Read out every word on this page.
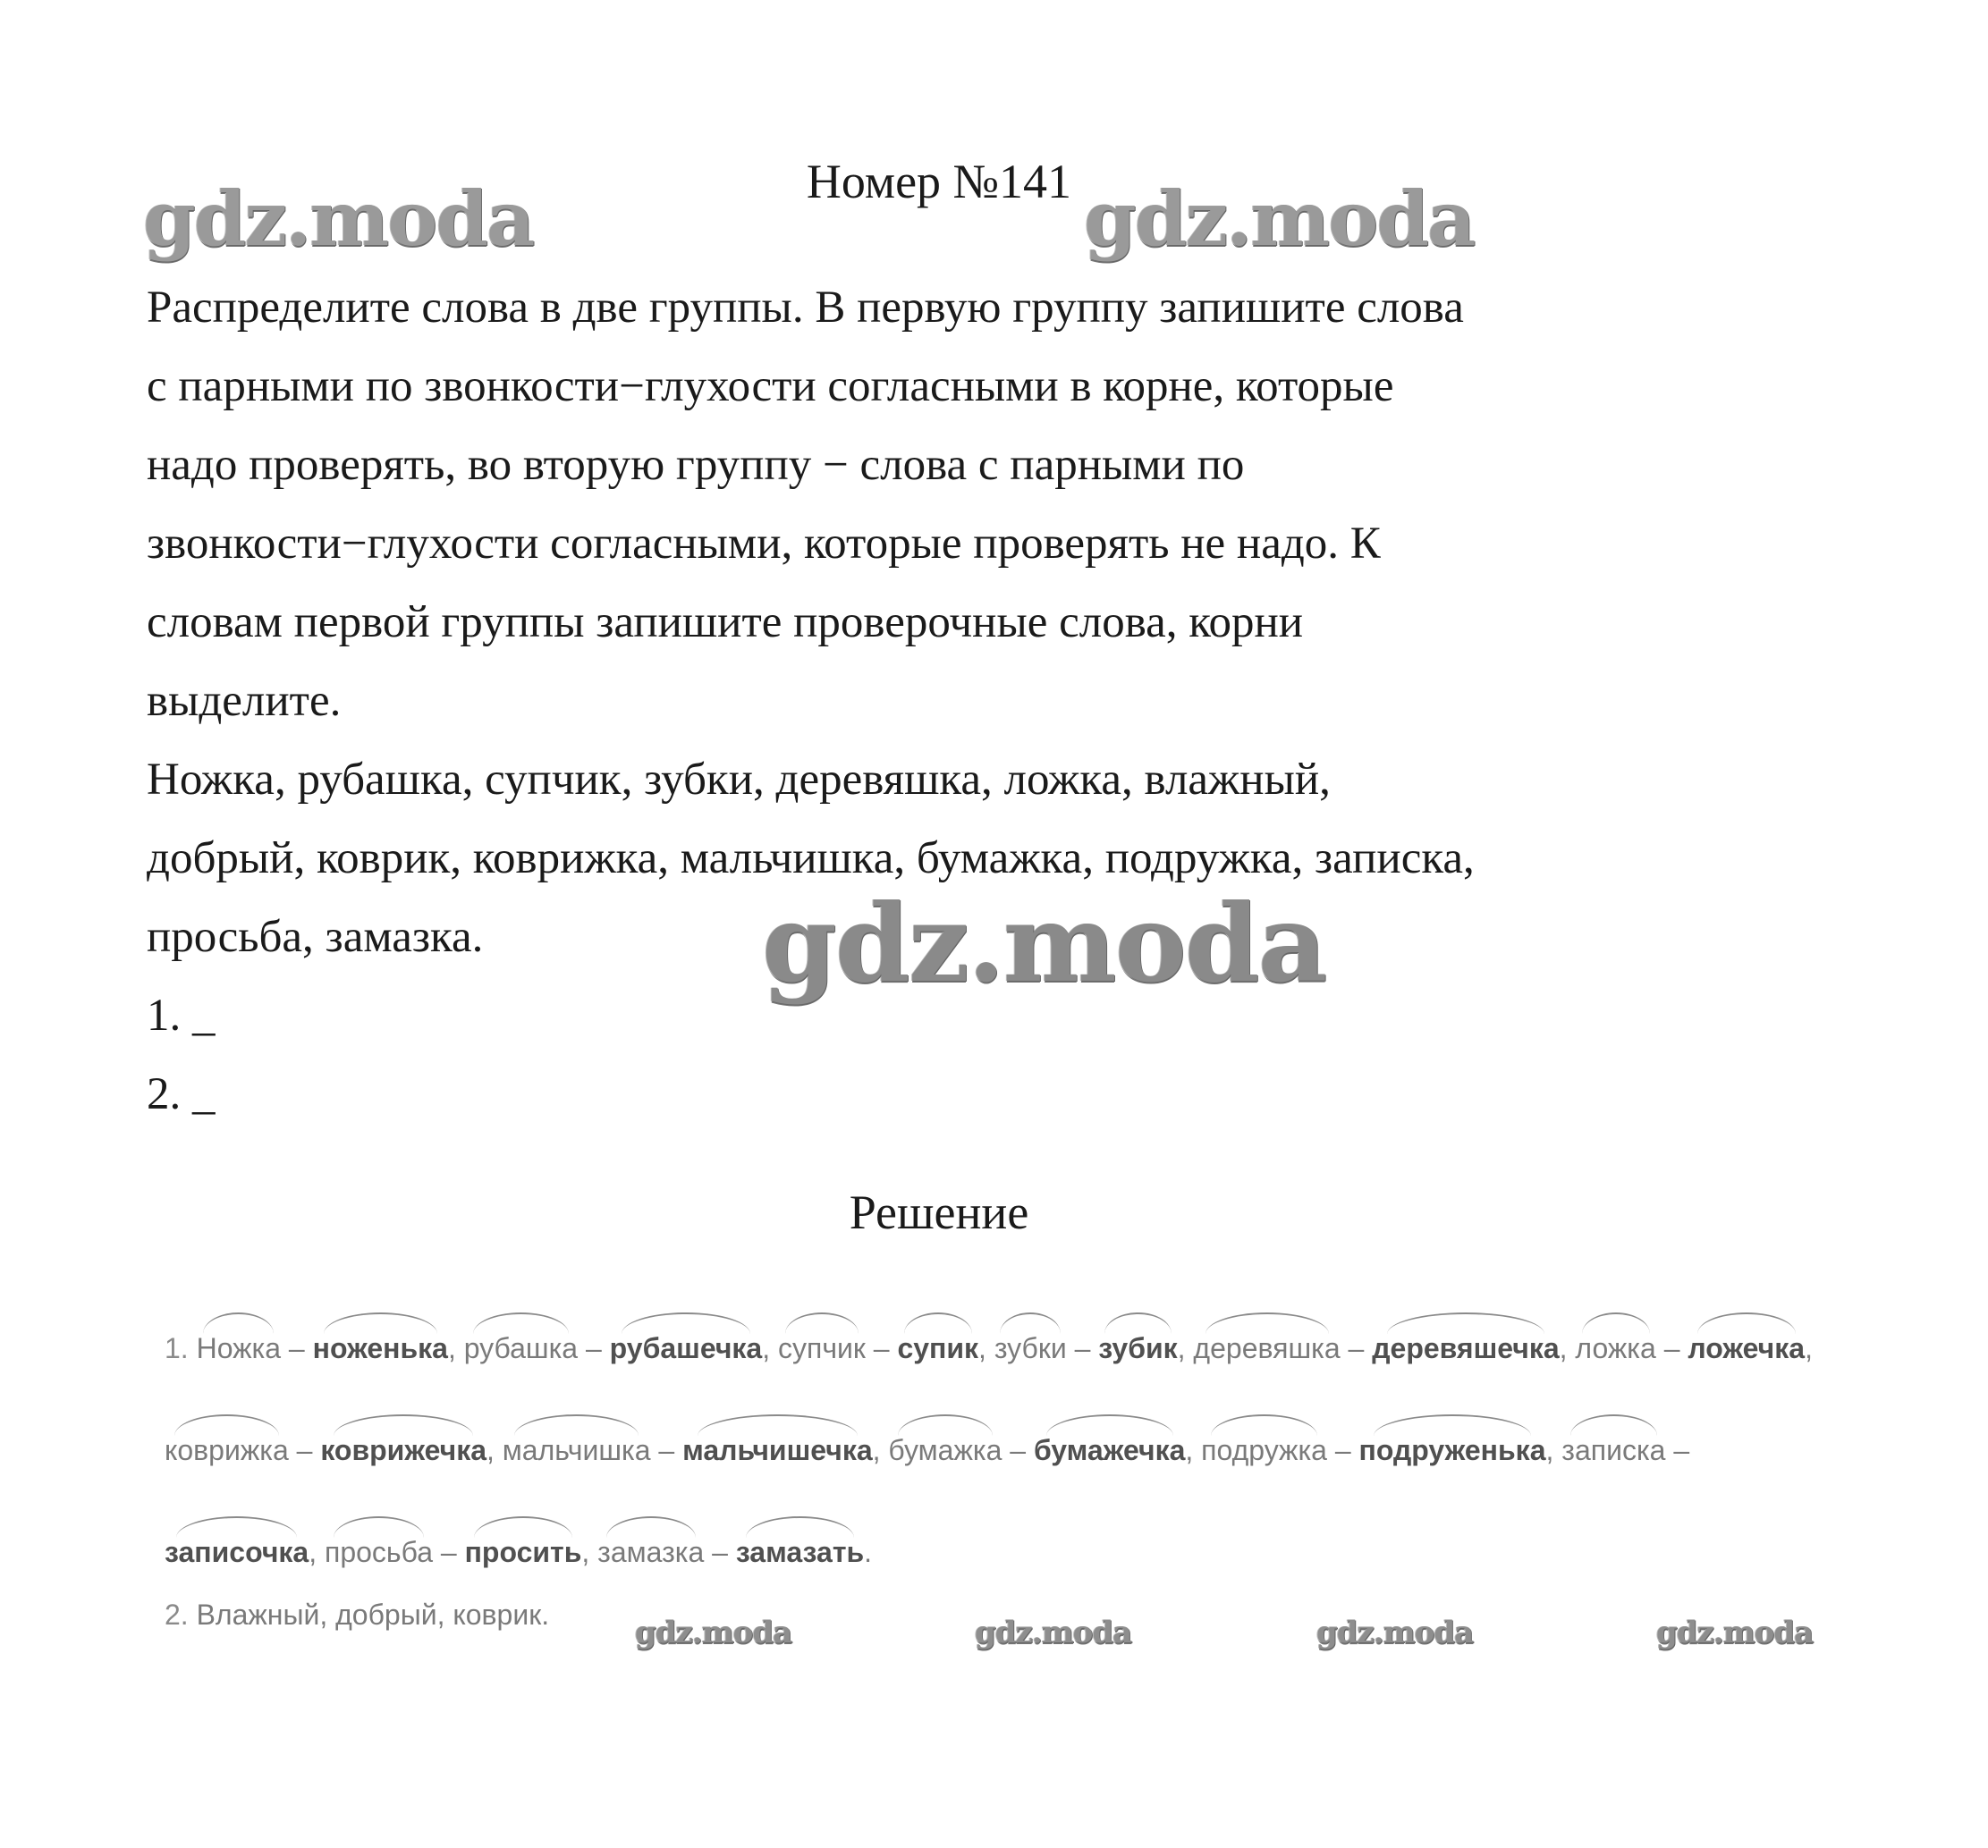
gdz.moda	gdz.moda
Номер №141

Распределите слова в две группы. В первую группу запишите слова

с парными по звонкости−глухости согласными в корне, которые

надо проверять, во вторую группу − слова с парными по

звонкости−глухости согласными, которые проверять не надо. К

словам первой группы запишите проверочные слова, корни

выделите.

Ножка, рубашка, супчик, зубки, деревяшка, ложка, влажный,

добрый, коврик, коврижка, мальчишка, бумажка, подружка, записка,

просьба, замазка.

1. _

2. _

gdz.moda
Решение
1. Ножка – ноженька, рубашка – рубашечка, супчик – супик, зубки – зубик, деревяшка – деревяшечка, ложка – ложечка,
коврижка – коврижечка, мальчишка – мальчишечка, бумажка – бумажечка, подружка – подруженька, записка –
записочка, просьба – просить, замазка – замазать.
2. Влажный, добрый, коврик.	gdz.moda	gdz.moda	gdz.moda	gdz.moda
